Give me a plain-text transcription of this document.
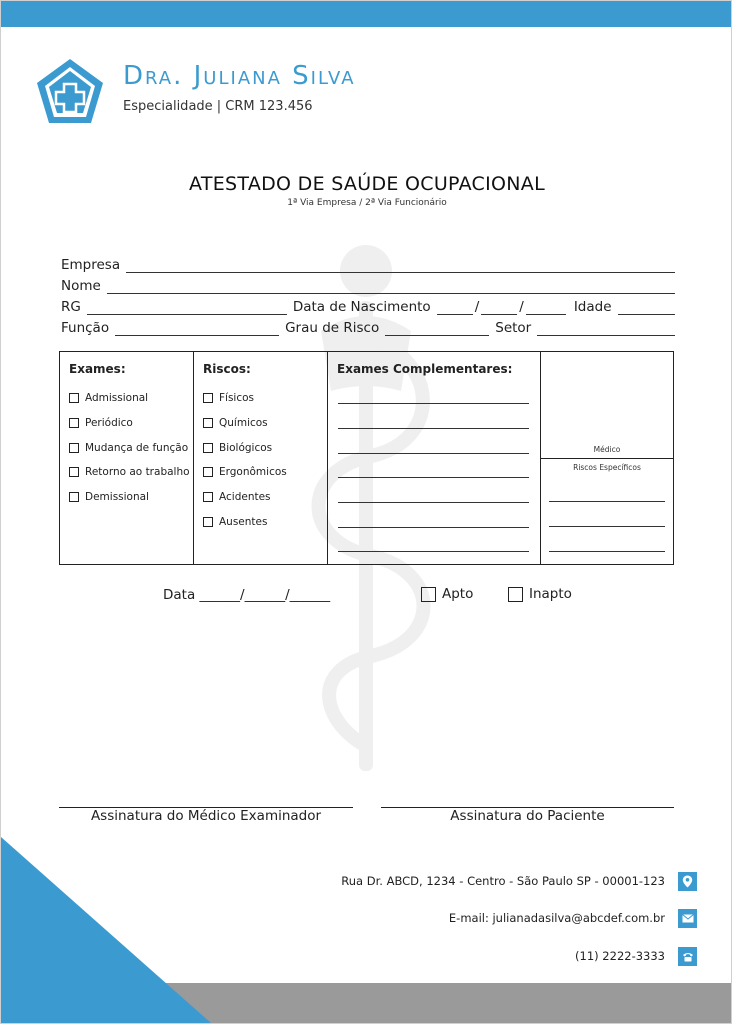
Dra. Juliana Silva
Especialidade | CRM 123.456
ATESTADO DE SAÚDE OCUPACIONAL
1ª Via Empresa / 2ª Via Funcionário
Empresa
Nome
RG	Data de Nascimento	/	/	Idade
Função	Grau de Risco	Setor
Exames:
Admissional
Periódico
Mudança de função
Retorno ao trabalho
Demissional
Riscos:
Físicos
Químicos
Biológicos
Ergonômicos
Acidentes
Ausentes
Exames Complementares:
Médico
Riscos Específicos
Data ______/______/______	Apto	Inapto
Assinatura do Médico Examinador	Assinatura do Paciente
Rua Dr. ABCD, 1234 - Centro - São Paulo SP - 00001-123
E-mail: julianadasilva@abcdef.com.br
(11) 2222-3333
